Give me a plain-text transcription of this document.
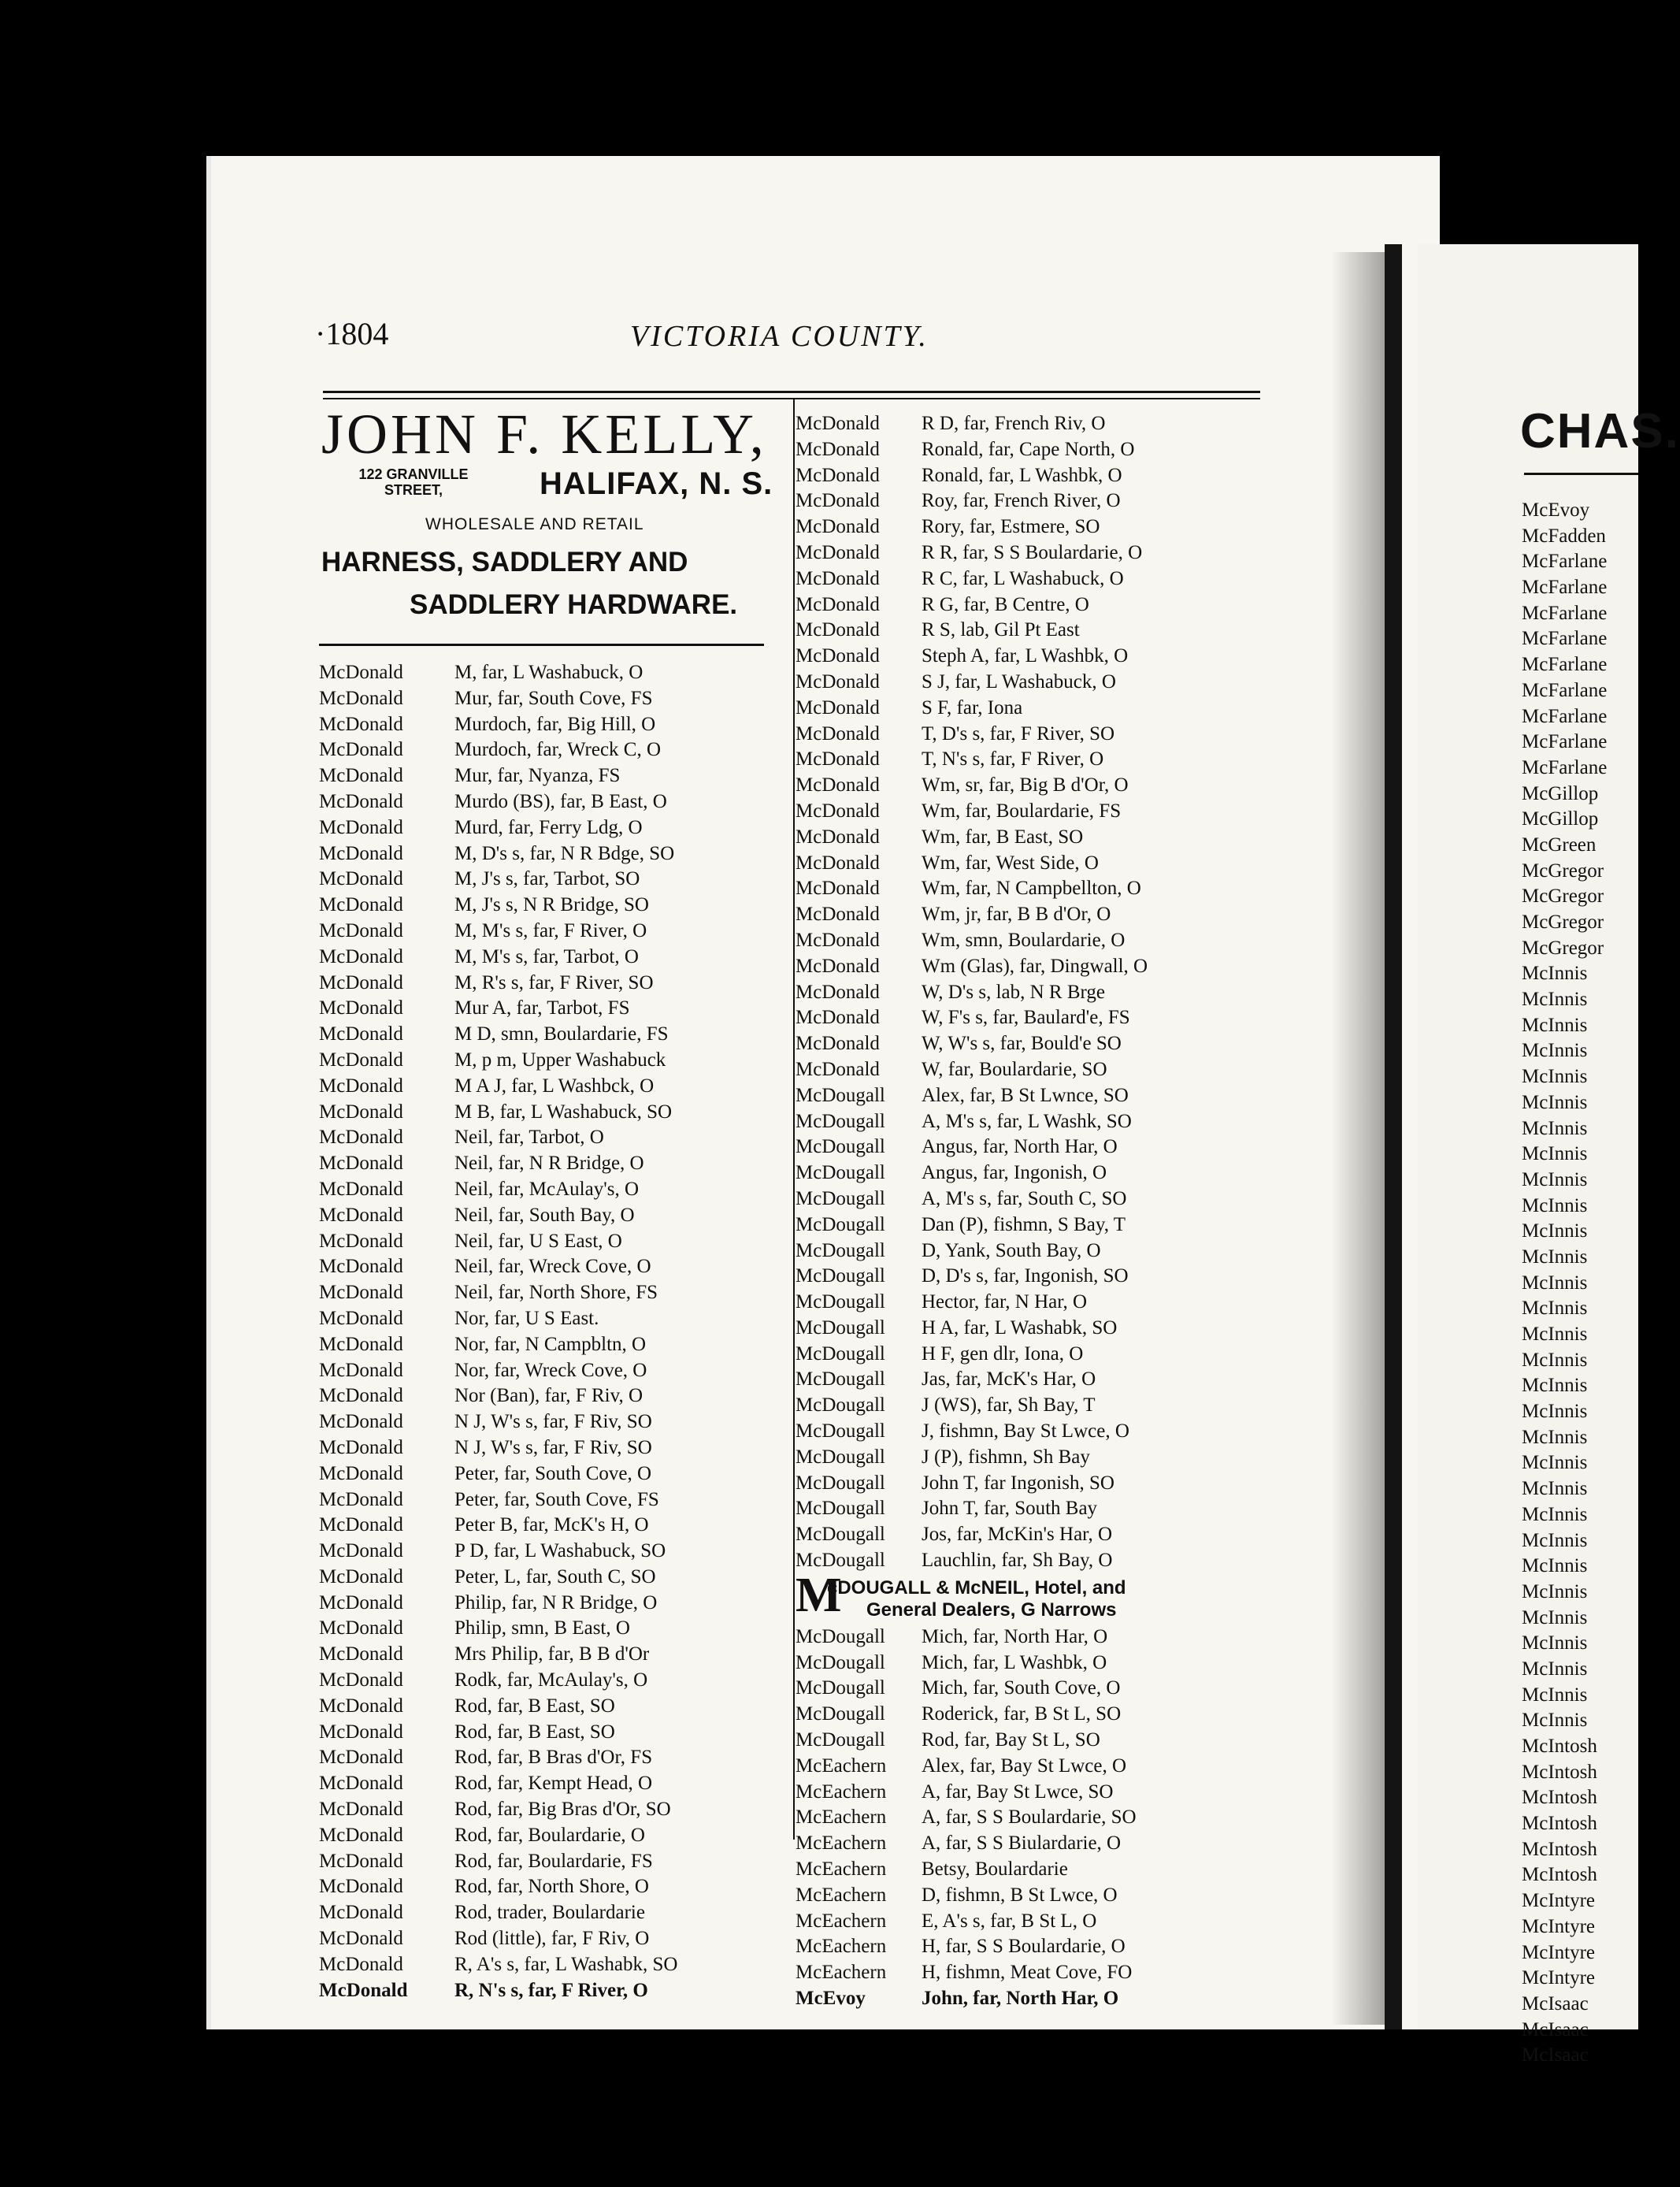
·1804	VICTORIA COUNTY.
JOHN F. KELLY,
122 GRANVILLE STREET,	HALIFAX, N. S.
WHOLESALE AND RETAIL
HARNESS, SADDLERY AND
SADDLERY HARDWARE.
McDonald	M, far, L Washabuck, O
McDonald	Mur, far, South Cove, FS
McDonald	Murdoch, far, Big Hill, O
McDonald	Murdoch, far, Wreck C, O
McDonald	Mur, far, Nyanza, FS
McDonald	Murdo (BS), far, B East, O
McDonald	Murd, far, Ferry Ldg, O
McDonald	M, D's s, far, N R Bdge, SO
McDonald	M, J's s, far, Tarbot, SO
McDonald	M, J's s, N R Bridge, SO
McDonald	M, M's s, far, F River, O
McDonald	M, M's s, far, Tarbot, O
McDonald	M, R's s, far, F River, SO
McDonald	Mur A, far, Tarbot, FS
McDonald	M D, smn, Boulardarie, FS
McDonald	M, p m, Upper Washabuck
McDonald	M A J, far, L Washbck, O
McDonald	M B, far, L Washabuck, SO
McDonald	Neil, far, Tarbot, O
McDonald	Neil, far, N R Bridge, O
McDonald	Neil, far, McAulay's, O
McDonald	Neil, far, South Bay, O
McDonald	Neil, far, U S East, O
McDonald	Neil, far, Wreck Cove, O
McDonald	Neil, far, North Shore, FS
McDonald	Nor, far, U S East.
McDonald	Nor, far, N Campbltn, O
McDonald	Nor, far, Wreck Cove, O
McDonald	Nor (Ban), far, F Riv, O
McDonald	N J, W's s, far, F Riv, SO
McDonald	N J, W's s, far, F Riv, SO
McDonald	Peter, far, South Cove, O
McDonald	Peter, far, South Cove, FS
McDonald	Peter B, far, McK's H, O
McDonald	P D, far, L Washabuck, SO
McDonald	Peter, L, far, South C, SO
McDonald	Philip, far, N R Bridge, O
McDonald	Philip, smn, B East, O
McDonald	Mrs Philip, far, B B d'Or
McDonald	Rodk, far, McAulay's, O
McDonald	Rod, far, B East, SO
McDonald	Rod, far, B East, SO
McDonald	Rod, far, B Bras d'Or, FS
McDonald	Rod, far, Kempt Head, O
McDonald	Rod, far, Big Bras d'Or, SO
McDonald	Rod, far, Boulardarie, O
McDonald	Rod, far, Boulardarie, FS
McDonald	Rod, far, North Shore, O
McDonald	Rod, trader, Boulardarie
McDonald	Rod (little), far, F Riv, O
McDonald	R, A's s, far, L Washabk, SO
McDonald	R, N's s, far, F River, O
McDonald	R D, far, French Riv, O
McDonald	Ronald, far, Cape North, O
McDonald	Ronald, far, L Washbk, O
McDonald	Roy, far, French River, O
McDonald	Rory, far, Estmere, SO
McDonald	R R, far, S S Boulardarie, O
McDonald	R C, far, L Washabuck, O
McDonald	R G, far, B Centre, O
McDonald	R S, lab, Gil Pt East
McDonald	Steph A, far, L Washbk, O
McDonald	S J, far, L Washabuck, O
McDonald	S F, far, Iona
McDonald	T, D's s, far, F River, SO
McDonald	T, N's s, far, F River, O
McDonald	Wm, sr, far, Big B d'Or, O
McDonald	Wm, far, Boulardarie, FS
McDonald	Wm, far, B East, SO
McDonald	Wm, far, West Side, O
McDonald	Wm, far, N Campbellton, O
McDonald	Wm, jr, far, B B d'Or, O
McDonald	Wm, smn, Boulardarie, O
McDonald	Wm (Glas), far, Dingwall, O
McDonald	W, D's s, lab, N R Brge
McDonald	W, F's s, far, Baulard'e, FS
McDonald	W, W's s, far, Bould'e SO
McDonald	W, far, Boulardarie, SO
McDougall	Alex, far, B St Lwnce, SO
McDougall	A, M's s, far, L Washk, SO
McDougall	Angus, far, North Har, O
McDougall	Angus, far, Ingonish, O
McDougall	A, M's s, far, South C, SO
McDougall	Dan (P), fishmn, S Bay, T
McDougall	D, Yank, South Bay, O
McDougall	D, D's s, far, Ingonish, SO
McDougall	Hector, far, N Har, O
McDougall	H A, far, L Washabk, SO
McDougall	H F, gen dlr, Iona, O
McDougall	Jas, far, McK's Har, O
McDougall	J (WS), far, Sh Bay, T
McDougall	J, fishmn, Bay St Lwce, O
McDougall	J (P), fishmn, Sh Bay
McDougall	John T, far Ingonish, SO
McDougall	John T, far, South Bay
McDougall	Jos, far, McKin's Har, O
McDougall	Lauchlin, far, Sh Bay, O
M
cDOUGALL & McNEIL, Hotel, and
General Dealers, G Narrows
McDougall	Mich, far, North Har, O
McDougall	Mich, far, L Washbk, O
McDougall	Mich, far, South Cove, O
McDougall	Roderick, far, B St L, SO
McDougall	Rod, far, Bay St L, SO
McEachern	Alex, far, Bay St Lwce, O
McEachern	A, far, Bay St Lwce, SO
McEachern	A, far, S S Boulardarie, SO
McEachern	A, far, S S Biulardarie, O
McEachern	Betsy, Boulardarie
McEachern	D, fishmn, B St Lwce, O
McEachern	E, A's s, far, B St L, O
McEachern	H, far, S S Boulardarie, O
McEachern	H, fishmn, Meat Cove, FO
McEvoy	John, far, North Har, O
CHAS.
McEvoy
McFadden
McFarlane
McFarlane
McFarlane
McFarlane
McFarlane
McFarlane
McFarlane
McFarlane
McFarlane
McGillop
McGillop
McGreen
McGregor
McGregor
McGregor
McGregor
McInnis
McInnis
McInnis
McInnis
McInnis
McInnis
McInnis
McInnis
McInnis
McInnis
McInnis
McInnis
McInnis
McInnis
McInnis
McInnis
McInnis
McInnis
McInnis
McInnis
McInnis
McInnis
McInnis
McInnis
McInnis
McInnis
McInnis
McInnis
McInnis
McInnis
McIntosh
McIntosh
McIntosh
McIntosh
McIntosh
McIntosh
McIntyre
McIntyre
McIntyre
McIntyre
McIsaac
McIsaac
McIsaac
